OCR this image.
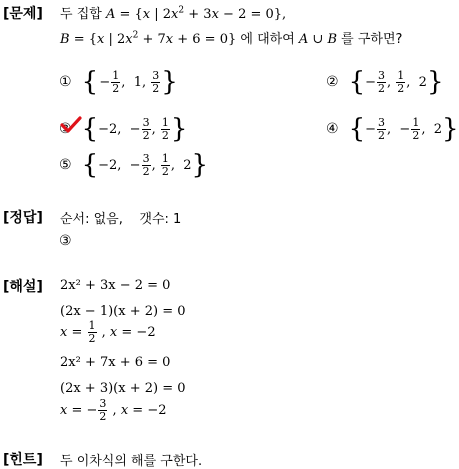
[문제] 두 집합 A = {x | $2x^2 + 3x - 2 = 0$},
B = {x | $2x^2 + 7x + 6 = 0$} 에 대하여 A ∪ B 를 구하면?
① {  − $\frac{1}{2}$ ,  1, $\frac{3}{2}$ }	② { − $\frac{3}{2}$ , $\frac{1}{2}$ ,  2 }
③ { −2,  − $\frac{3}{2}$ , $\frac{1}{2}$ }	④ { − $\frac{3}{2}$ ,  − $\frac{1}{2}$ ,  2 }
⑤ { −2,  − $\frac{3}{2}$ , $\frac{1}{2}$ ,  2 }
[정답] 순서: 없음,    갯수: 1
③
[해설] 2x² + 3x − 2 = 0
(2x − 1)(x + 2) = 0
$x = \frac{1}{2}$ , x = −2
2x² + 7x + 6 = 0
(2x + 3)(x + 2) = 0
x = − $\frac{3}{2}$ , x = −2
[힌트] 두 이차식의 해를 구한다.
